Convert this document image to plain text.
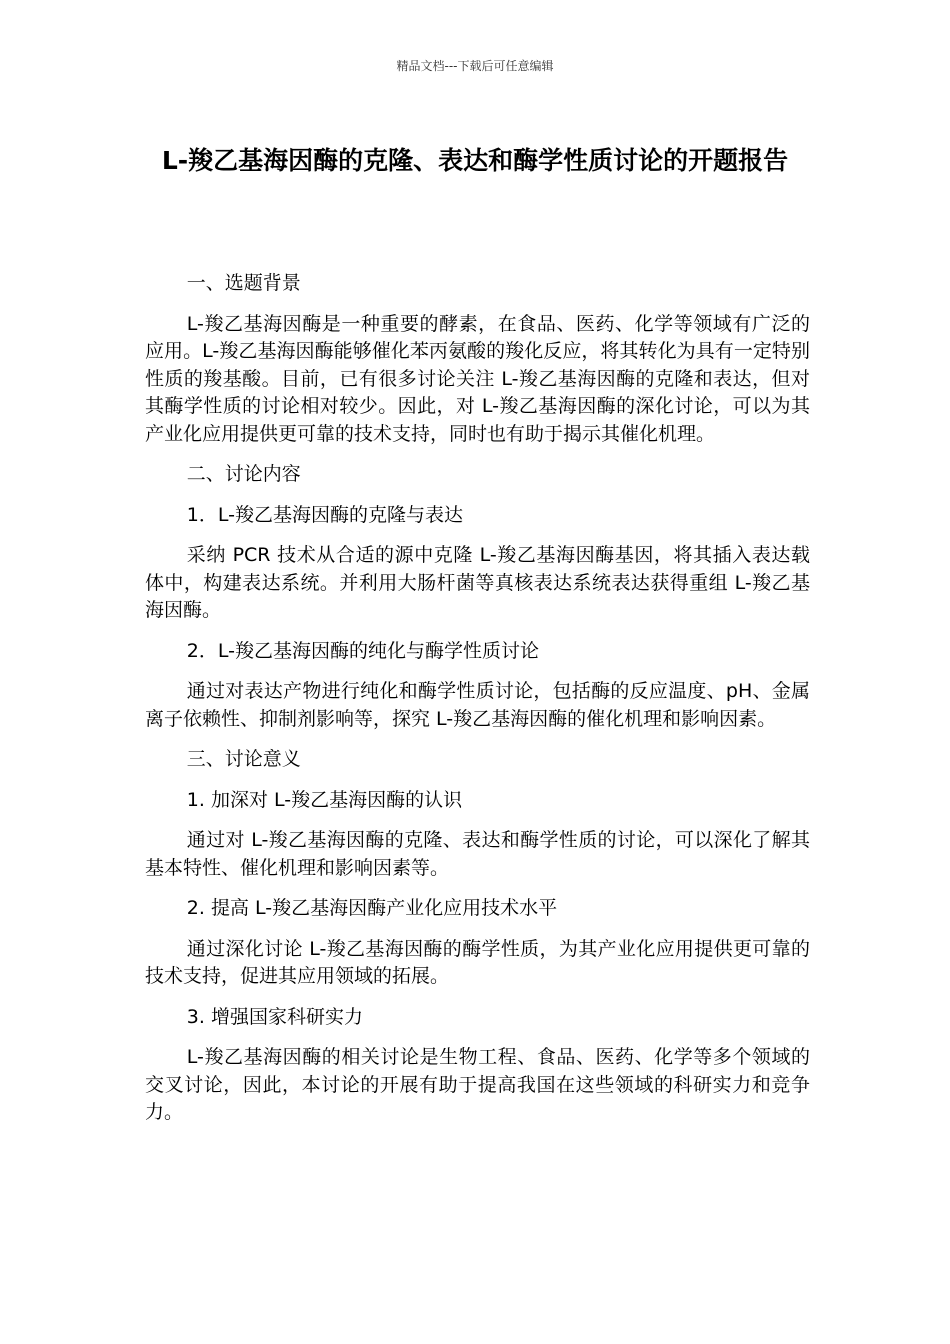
精品文档---下载后可任意编辑
L-羧乙基海因酶的克隆、表达和酶学性质讨论的开题报告

一、选题背景

L-羧乙基海因酶是一种重要的酵素，在食品、医药、化学等领域有广泛的应用。L-羧乙基海因酶能够催化苯丙氨酸的羧化反应，将其转化为具有一定特别性质的羧基酸。目前，已有很多讨论关注 L-羧乙基海因酶的克隆和表达，但对其酶学性质的讨论相对较少。因此，对 L-羧乙基海因酶的深化讨论，可以为其产业化应用提供更可靠的技术支持，同时也有助于揭示其催化机理。

二、讨论内容

1．L-羧乙基海因酶的克隆与表达

采纳 PCR 技术从合适的源中克隆 L-羧乙基海因酶基因，将其插入表达载体中，构建表达系统。并利用大肠杆菌等真核表达系统表达获得重组 L-羧乙基海因酶。

2．L-羧乙基海因酶的纯化与酶学性质讨论

通过对表达产物进行纯化和酶学性质讨论，包括酶的反应温度、pH、金属离子依赖性、抑制剂影响等，探究 L-羧乙基海因酶的催化机理和影响因素。

三、讨论意义

1. 加深对 L-羧乙基海因酶的认识

通过对 L-羧乙基海因酶的克隆、表达和酶学性质的讨论，可以深化了解其基本特性、催化机理和影响因素等。

2. 提高 L-羧乙基海因酶产业化应用技术水平

通过深化讨论 L-羧乙基海因酶的酶学性质，为其产业化应用提供更可靠的技术支持，促进其应用领域的拓展。

3. 增强国家科研实力

L-羧乙基海因酶的相关讨论是生物工程、食品、医药、化学等多个领域的交叉讨论，因此，本讨论的开展有助于提高我国在这些领域的科研实力和竞争力。
